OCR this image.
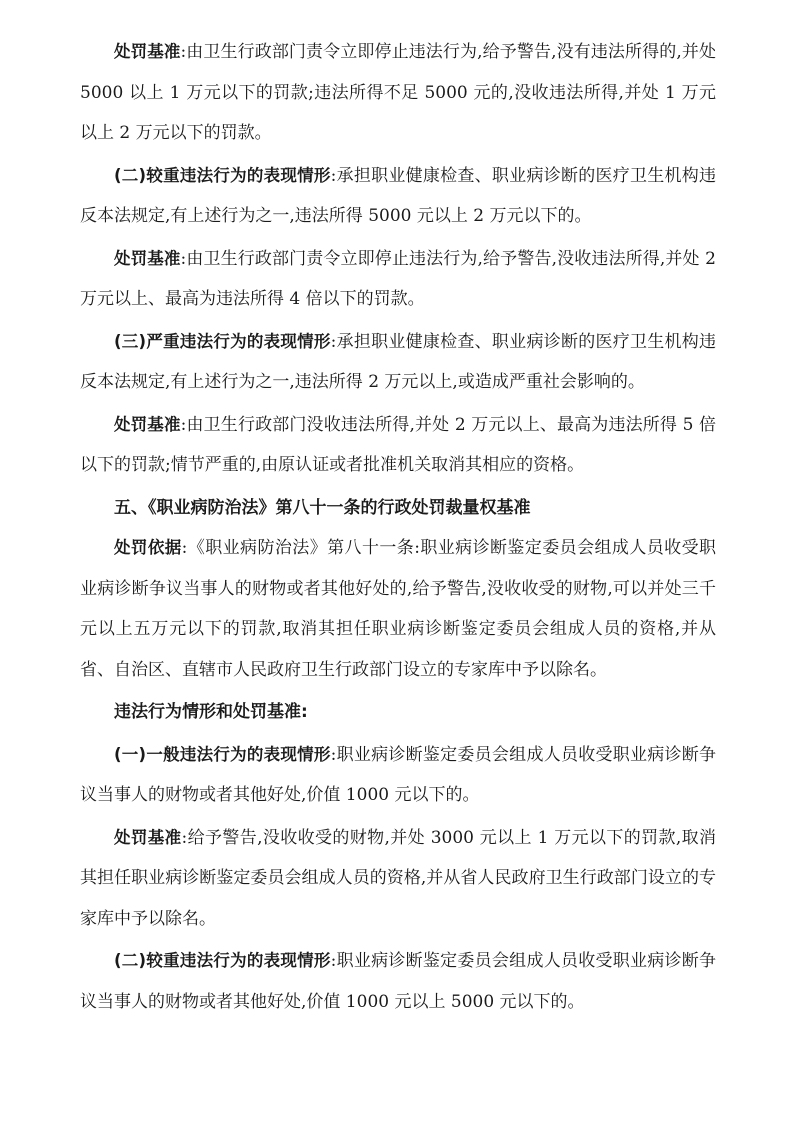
处罚基准:由卫生行政部门责令立即停止违法行为,给予警告,没有违法所得的,并处 5000 以上 1 万元以下的罚款;违法所得不足 5000 元的,没收违法所得,并处 1 万元以上 2 万元以下的罚款。

(二)较重违法行为的表现情形:承担职业健康检查、职业病诊断的医疗卫生机构违反本法规定,有上述行为之一,违法所得 5000 元以上 2 万元以下的。

处罚基准:由卫生行政部门责令立即停止违法行为,给予警告,没收违法所得,并处 2 万元以上、最高为违法所得 4 倍以下的罚款。

(三)严重违法行为的表现情形:承担职业健康检查、职业病诊断的医疗卫生机构违反本法规定,有上述行为之一,违法所得 2 万元以上,或造成严重社会影响的。

处罚基准:由卫生行政部门没收违法所得,并处 2 万元以上、最高为违法所得 5 倍以下的罚款;情节严重的,由原认证或者批准机关取消其相应的资格。

五、《职业病防治法》第八十一条的行政处罚裁量权基准

处罚依据:《职业病防治法》第八十一条:职业病诊断鉴定委员会组成人员收受职业病诊断争议当事人的财物或者其他好处的,给予警告,没收收受的财物,可以并处三千元以上五万元以下的罚款,取消其担任职业病诊断鉴定委员会组成人员的资格,并从省、自治区、直辖市人民政府卫生行政部门设立的专家库中予以除名。

违法行为情形和处罚基准:

(一)一般违法行为的表现情形:职业病诊断鉴定委员会组成人员收受职业病诊断争议当事人的财物或者其他好处,价值 1000 元以下的。

处罚基准:给予警告,没收收受的财物,并处 3000 元以上 1 万元以下的罚款,取消其担任职业病诊断鉴定委员会组成人员的资格,并从省人民政府卫生行政部门设立的专家库中予以除名。

(二)较重违法行为的表现情形:职业病诊断鉴定委员会组成人员收受职业病诊断争议当事人的财物或者其他好处,价值 1000 元以上 5000 元以下的。
